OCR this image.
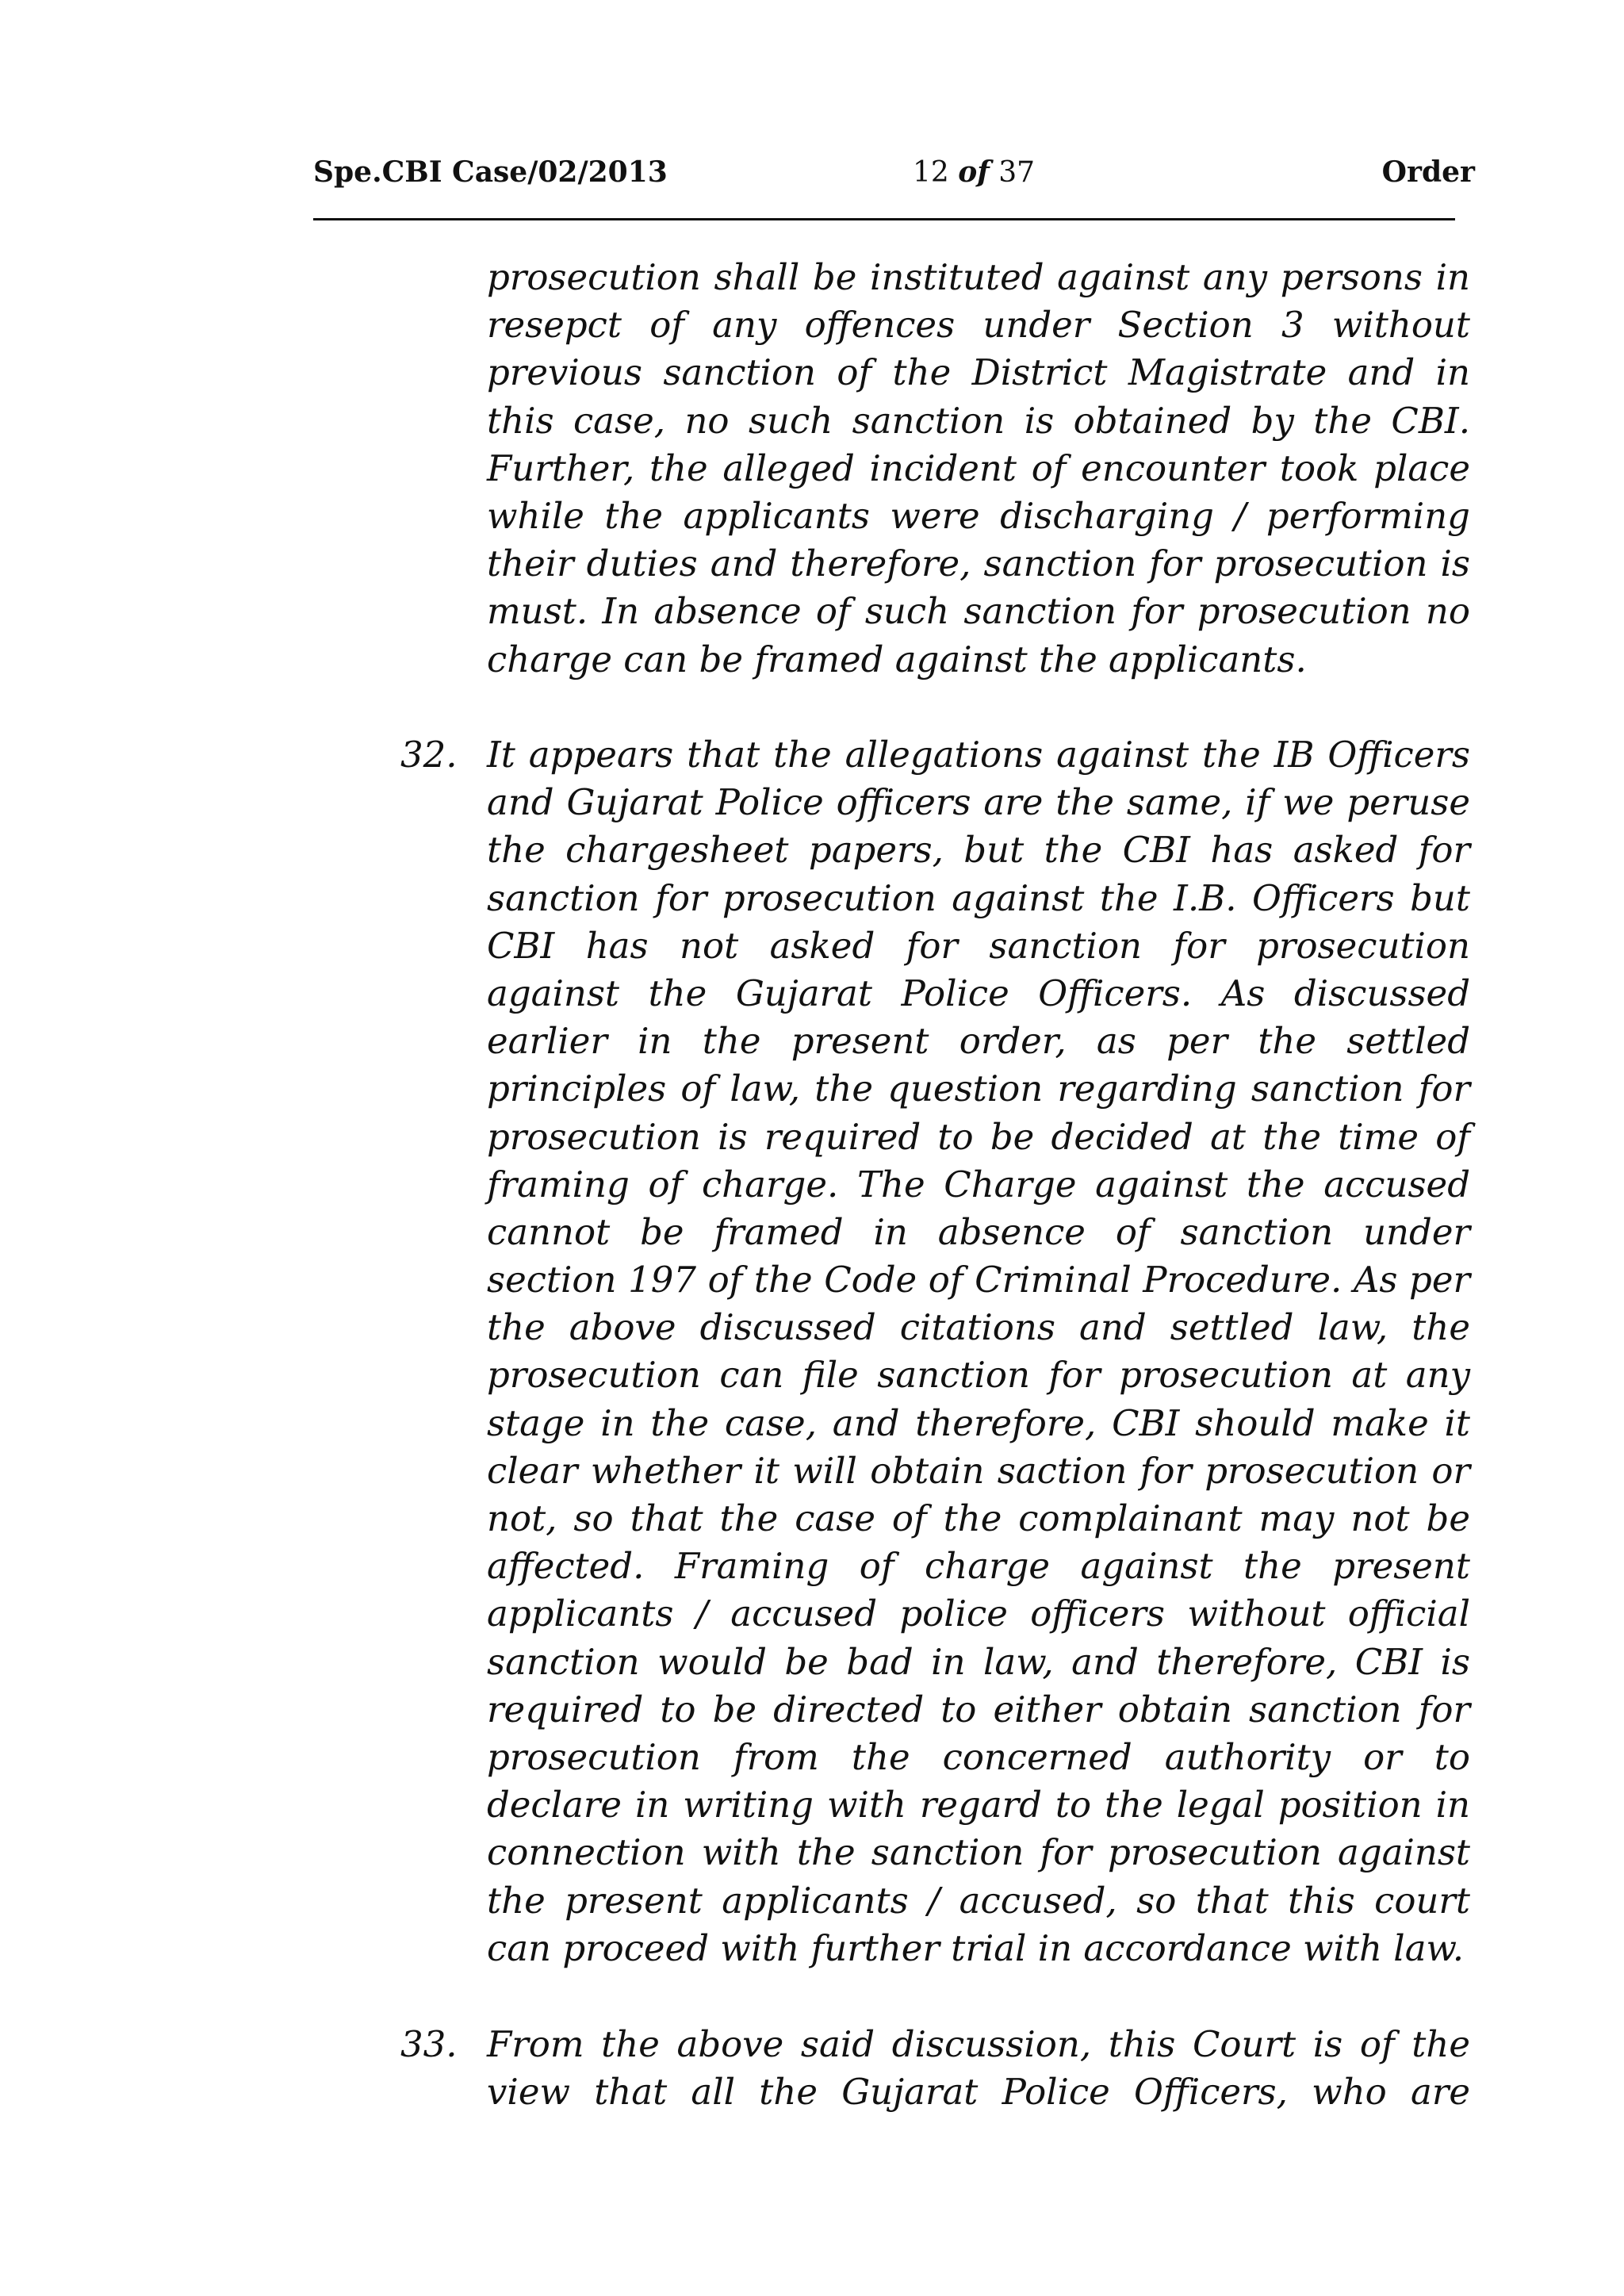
Spe.CBI Case/02/2013	12 of 37	Order
prosecution shall be instituted against any persons in
resepct of any offences under Section 3 without
previous sanction of the District Magistrate and in
this case, no such sanction is obtained by the CBI.
Further, the alleged incident of encounter took place
while the applicants were discharging / performing
their duties and therefore, sanction for prosecution is
must. In absence of such sanction for prosecution no
charge can be framed against the applicants.
32. It appears that the allegations against the IB Officers
and Gujarat Police officers are the same, if we peruse
the chargesheet papers, but the CBI has asked for
sanction for prosecution against the I.B. Officers but
CBI has not asked for sanction for prosecution
against the Gujarat Police Officers. As discussed
earlier in the present order, as per the settled
principles of law, the question regarding sanction for
prosecution is required to be decided at the time of
framing of charge. The Charge against the accused
cannot be framed in absence of sanction under
section 197 of the Code of Criminal Procedure. As per
the above discussed citations and settled law, the
prosecution can file sanction for prosecution at any
stage in the case, and therefore, CBI should make it
clear whether it will obtain saction for prosecution or
not, so that the case of the complainant may not be
affected. Framing of charge against the present
applicants / accused police officers without official
sanction would be bad in law, and therefore, CBI is
required to be directed to either obtain sanction for
prosecution from the concerned authority or to
declare in writing with regard to the legal position in
connection with the sanction for prosecution against
the present applicants / accused, so that this court
can proceed with further trial in accordance with law.
33. From the above said discussion, this Court is of the
view that all the Gujarat Police Officers, who are
